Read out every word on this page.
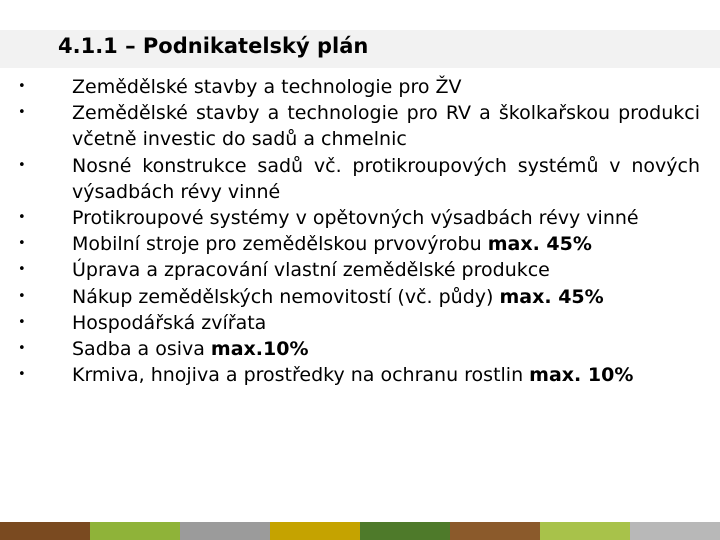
4.1.1 – Podnikatelský plán
•	Zemědělské stavby a technologie pro ŽV
•	Zemědělské stavby a technologie pro RV a školkařskou produkci včetně investic do sadů a chmelnic
•	Nosné konstrukce sadů vč. protikroupových systémů v nových výsadbách révy vinné
•	Protikroupové systémy v opětovných výsadbách révy vinné
•	Mobilní stroje pro zemědělskou prvovýrobu max. 45%
•	Úprava a zpracování vlastní zemědělské produkce
•	Nákup zemědělských nemovitostí (vč. půdy) max. 45%
•	Hospodářská zvířata
•	Sadba a osiva max.10%
•	Krmiva, hnojiva a prostředky na ochranu rostlin max. 10%
